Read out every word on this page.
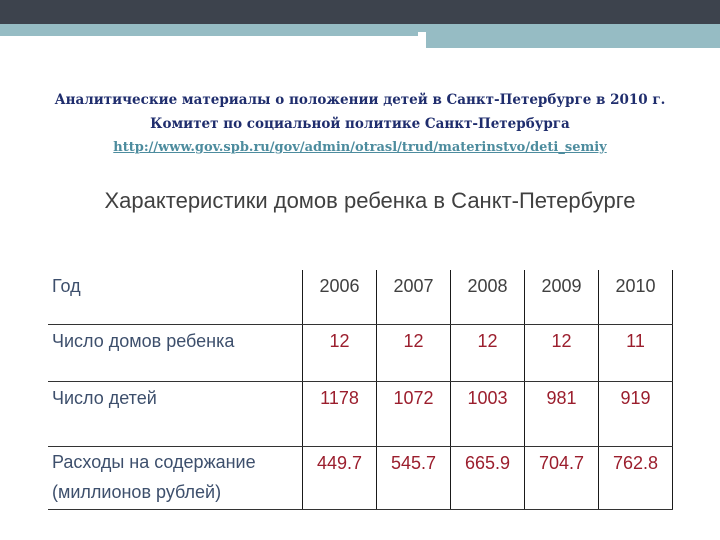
Аналитические материалы о положении детей в Санкт-Петербурге в 2010 г.
Комитет по социальной политике Санкт-Петербурга
http://www.gov.spb.ru/gov/admin/otrasl/trud/materinstvo/deti_semiy
Характеристики домов ребенка в Санкт-Петербурге
Год	2006	2007	2008	2009	2010
Число домов ребенка	12	12	12	12	11
Число детей	1178	1072	1003	981	919
Расходы на содержание (миллионов рублей)	449.7	545.7	665.9	704.7	762.8
